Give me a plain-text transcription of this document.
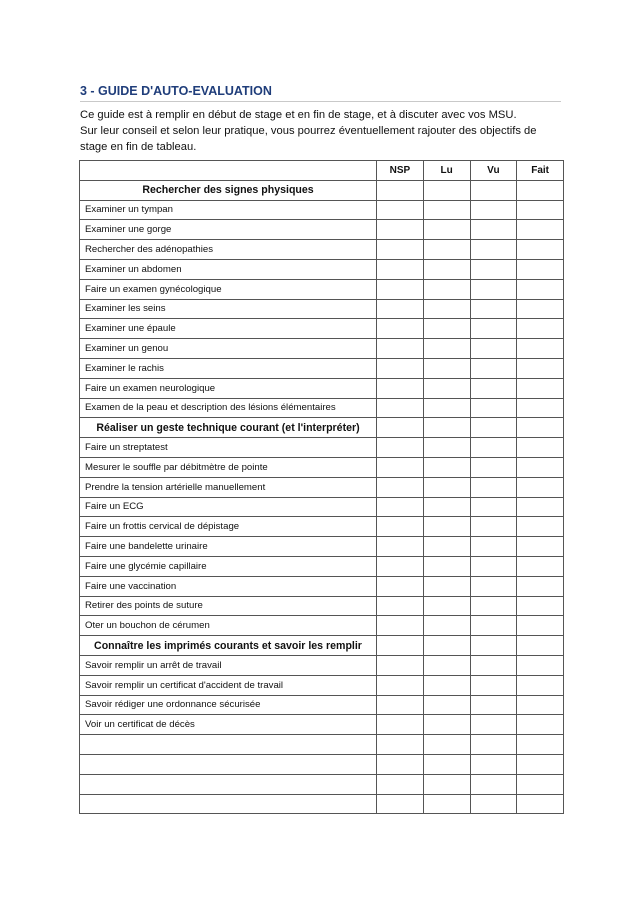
3 - GUIDE D'AUTO-EVALUATION

Ce guide est à remplir en début de stage et en fin de stage, et à discuter avec vos MSU.

Sur leur conseil et selon leur pratique, vous pourrez éventuellement rajouter des objectifs de stage en fin de tableau.

	NSP	Lu	Vu	Fait
Rechercher des signes physiques				
Examiner un tympan				
Examiner une gorge				
Rechercher des adénopathies				
Examiner un abdomen				
Faire un examen gynécologique				
Examiner les seins				
Examiner une épaule				
Examiner un genou				
Examiner le rachis				
Faire un examen neurologique				
Examen de la peau et description des lésions élémentaires				
Réaliser un geste technique courant (et l'interpréter)				
Faire un streptatest				
Mesurer le souffle par débitmètre de pointe				
Prendre la tension artérielle manuellement				
Faire un ECG				
Faire un frottis cervical de dépistage				
Faire une bandelette urinaire				
Faire une glycémie capillaire				
Faire une vaccination				
Retirer des points de suture				
Oter un bouchon de cérumen				
Connaître les imprimés courants et savoir les remplir				
Savoir remplir un arrêt de travail				
Savoir remplir un certificat d'accident de travail				
Savoir rédiger une ordonnance sécurisée				
Voir un certificat de décès				
